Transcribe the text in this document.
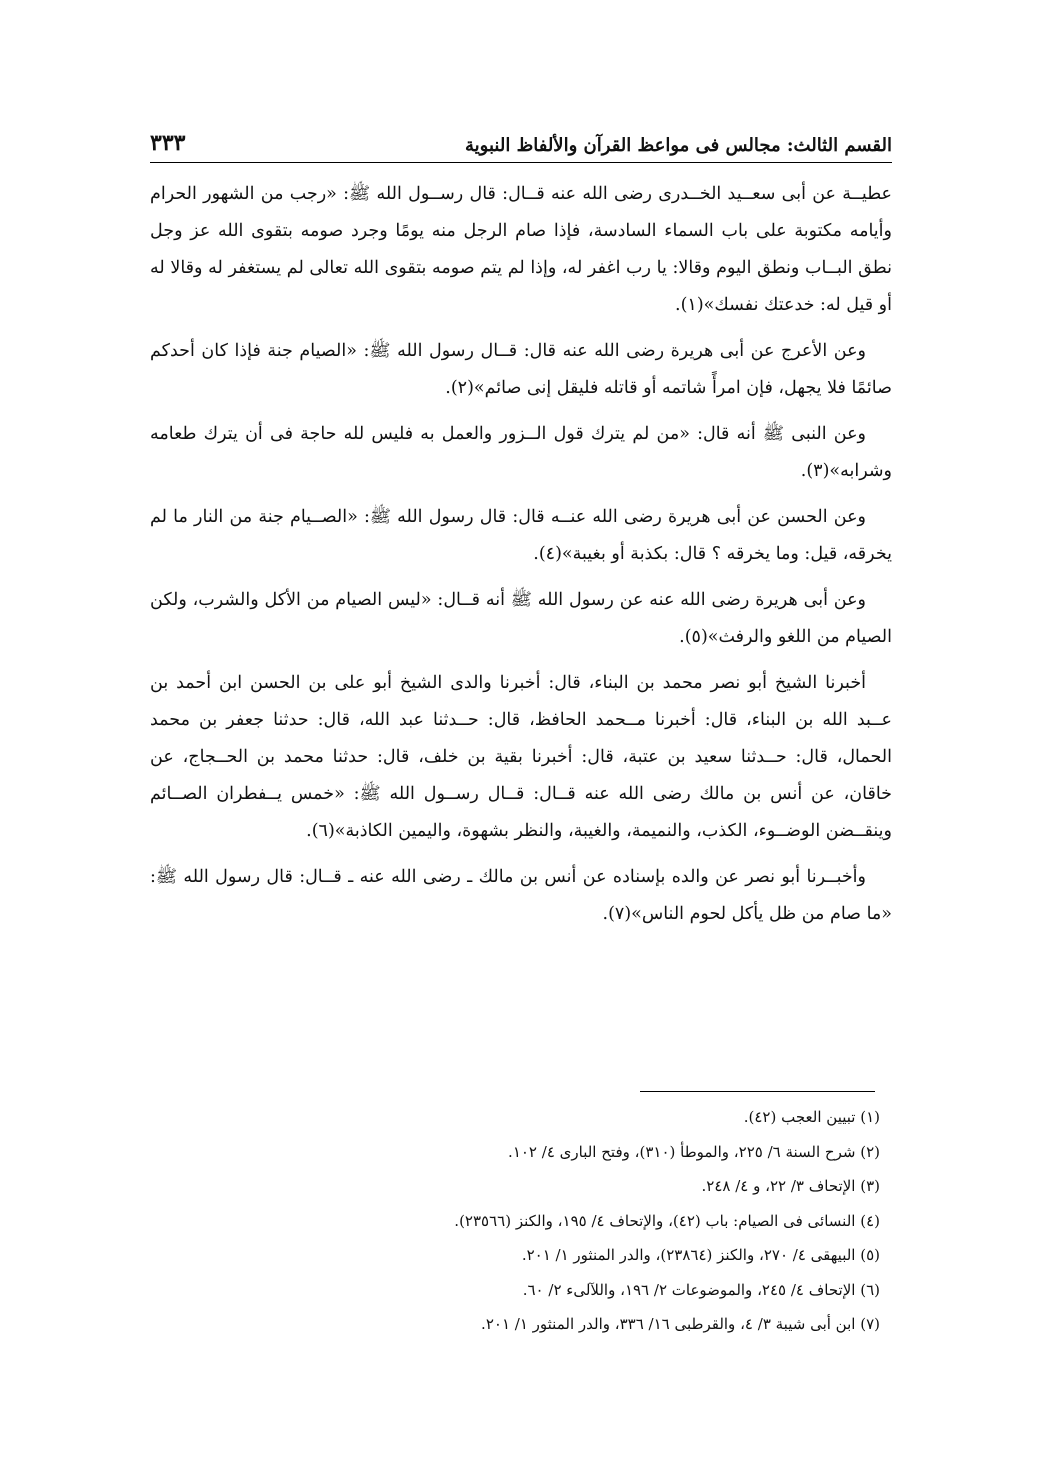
القسم الثالث: مجالس فى مواعظ القرآن والألفاظ النبوية
٣٣٣

عطيــة عن أبى سعــيد الخــدرى رضى الله عنه قــال: قال رســول الله ﷺ: «رجب من الشهور الحرام وأيامه مكتوبة على باب السماء السادسة، فإذا صام الرجل منه يومًا وجرد صومه بتقوى الله عز وجل نطق البــاب ونطق اليوم وقالا: يا رب اغفر له، وإذا لم يتم صومه بتقوى الله تعالى لم يستغفر له وقالا له أو قيل له: خدعتك نفسك»(١).

وعن الأعرج عن أبى هريرة رضى الله عنه قال: قــال رسول الله ﷺ: «الصيام جنة فإذا كان أحدكم صائمًا فلا يجهل، فإن امرأً شاتمه أو قاتله فليقل إنى صائم»(٢).

وعن النبى ﷺ أنه قال: «من لم يترك قول الــزور والعمل به فليس لله حاجة فى أن يترك طعامه وشرابه»(٣).

وعن الحسن عن أبى هريرة رضى الله عنــه قال: قال رسول الله ﷺ: «الصــيام جنة من النار ما لم يخرقه، قيل: وما يخرقه ؟ قال: بكذبة أو بغيبة»(٤).

وعن أبى هريرة رضى الله عنه عن رسول الله ﷺ أنه قــال: «ليس الصيام من الأكل والشرب، ولكن الصيام من اللغو والرفث»(٥).

أخبرنا الشيخ أبو نصر محمد بن البناء، قال: أخبرنا والدى الشيخ أبو على بن الحسن ابن أحمد بن عــبد الله بن البناء، قال: أخبرنا مــحمد الحافظ، قال: حــدثنا عبد الله، قال: حدثنا جعفر بن محمد الحمال، قال: حــدثنا سعيد بن عتبة، قال: أخبرنا بقية بن خلف، قال: حدثنا محمد بن الحــجاج، عن خاقان، عن أنس بن مالك رضى الله عنه قــال: قــال رســول الله ﷺ: «خمس يــفطران الصــائم وينقــضن الوضــوء، الكذب، والنميمة، والغيبة، والنظر بشهوة، واليمين الكاذبة»(٦).

وأخبــرنا أبو نصر عن والده بإسناده عن أنس بن مالك ـ رضى الله عنه ـ قــال: قال رسول الله ﷺ: «ما صام من ظل يأكل لحوم الناس»(٧).

(١) تبيين العجب (٤٢).
(٢) شرح السنة ٦/ ٢٢٥، والموطأ (٣١٠)، وفتح البارى ٤/ ١٠٢.
(٣) الإتحاف ٣/ ٢٢، و ٤/ ٢٤٨.
(٤) النسائى فى الصيام: باب (٤٢)، والإتحاف ٤/ ١٩٥، والكنز (٢٣٥٦٦).
(٥) البيهقى ٤/ ٢٧٠، والكنز (٢٣٨٦٤)، والدر المنثور ١/ ٢٠١.
(٦) الإتحاف ٤/ ٢٤٥، والموضوعات ٢/ ١٩٦، واللآلىء ٢/ ٦٠.
(٧) ابن أبى شيبة ٣/ ٤، والقرطبى ١٦/ ٣٣٦، والدر المنثور ١/ ٢٠١.
